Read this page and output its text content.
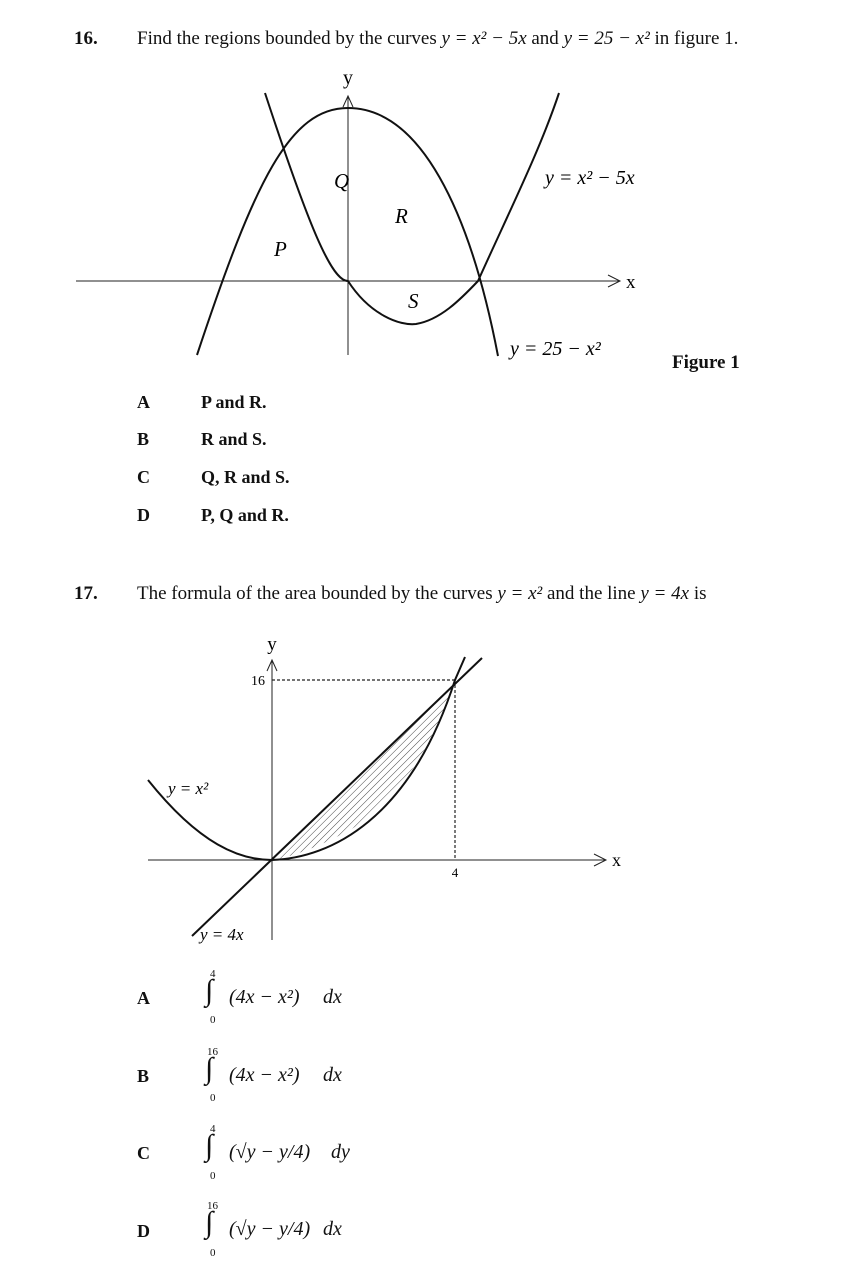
16. Find the regions bounded by the curves y = x² − 5x and y = 25 − x² in figure 1.
y
x
Q
R
P
S
y = x² − 5x
y = 25 − x²
Figure 1
A	P and R.
B	R and S.
C	Q, R and S.
D	P, Q and R.
17. The formula of the area bounded by the curves y = x² and the line y = 4x is
y
x
16
4
y = x²
y = 4x
A
4
∫
0
(4x − x²) dx
B
16
∫
0
(4x − x²) dx
C
4
∫
0
(√y − y/4) dy
D
16
∫
0
(√y − y/4) dx
